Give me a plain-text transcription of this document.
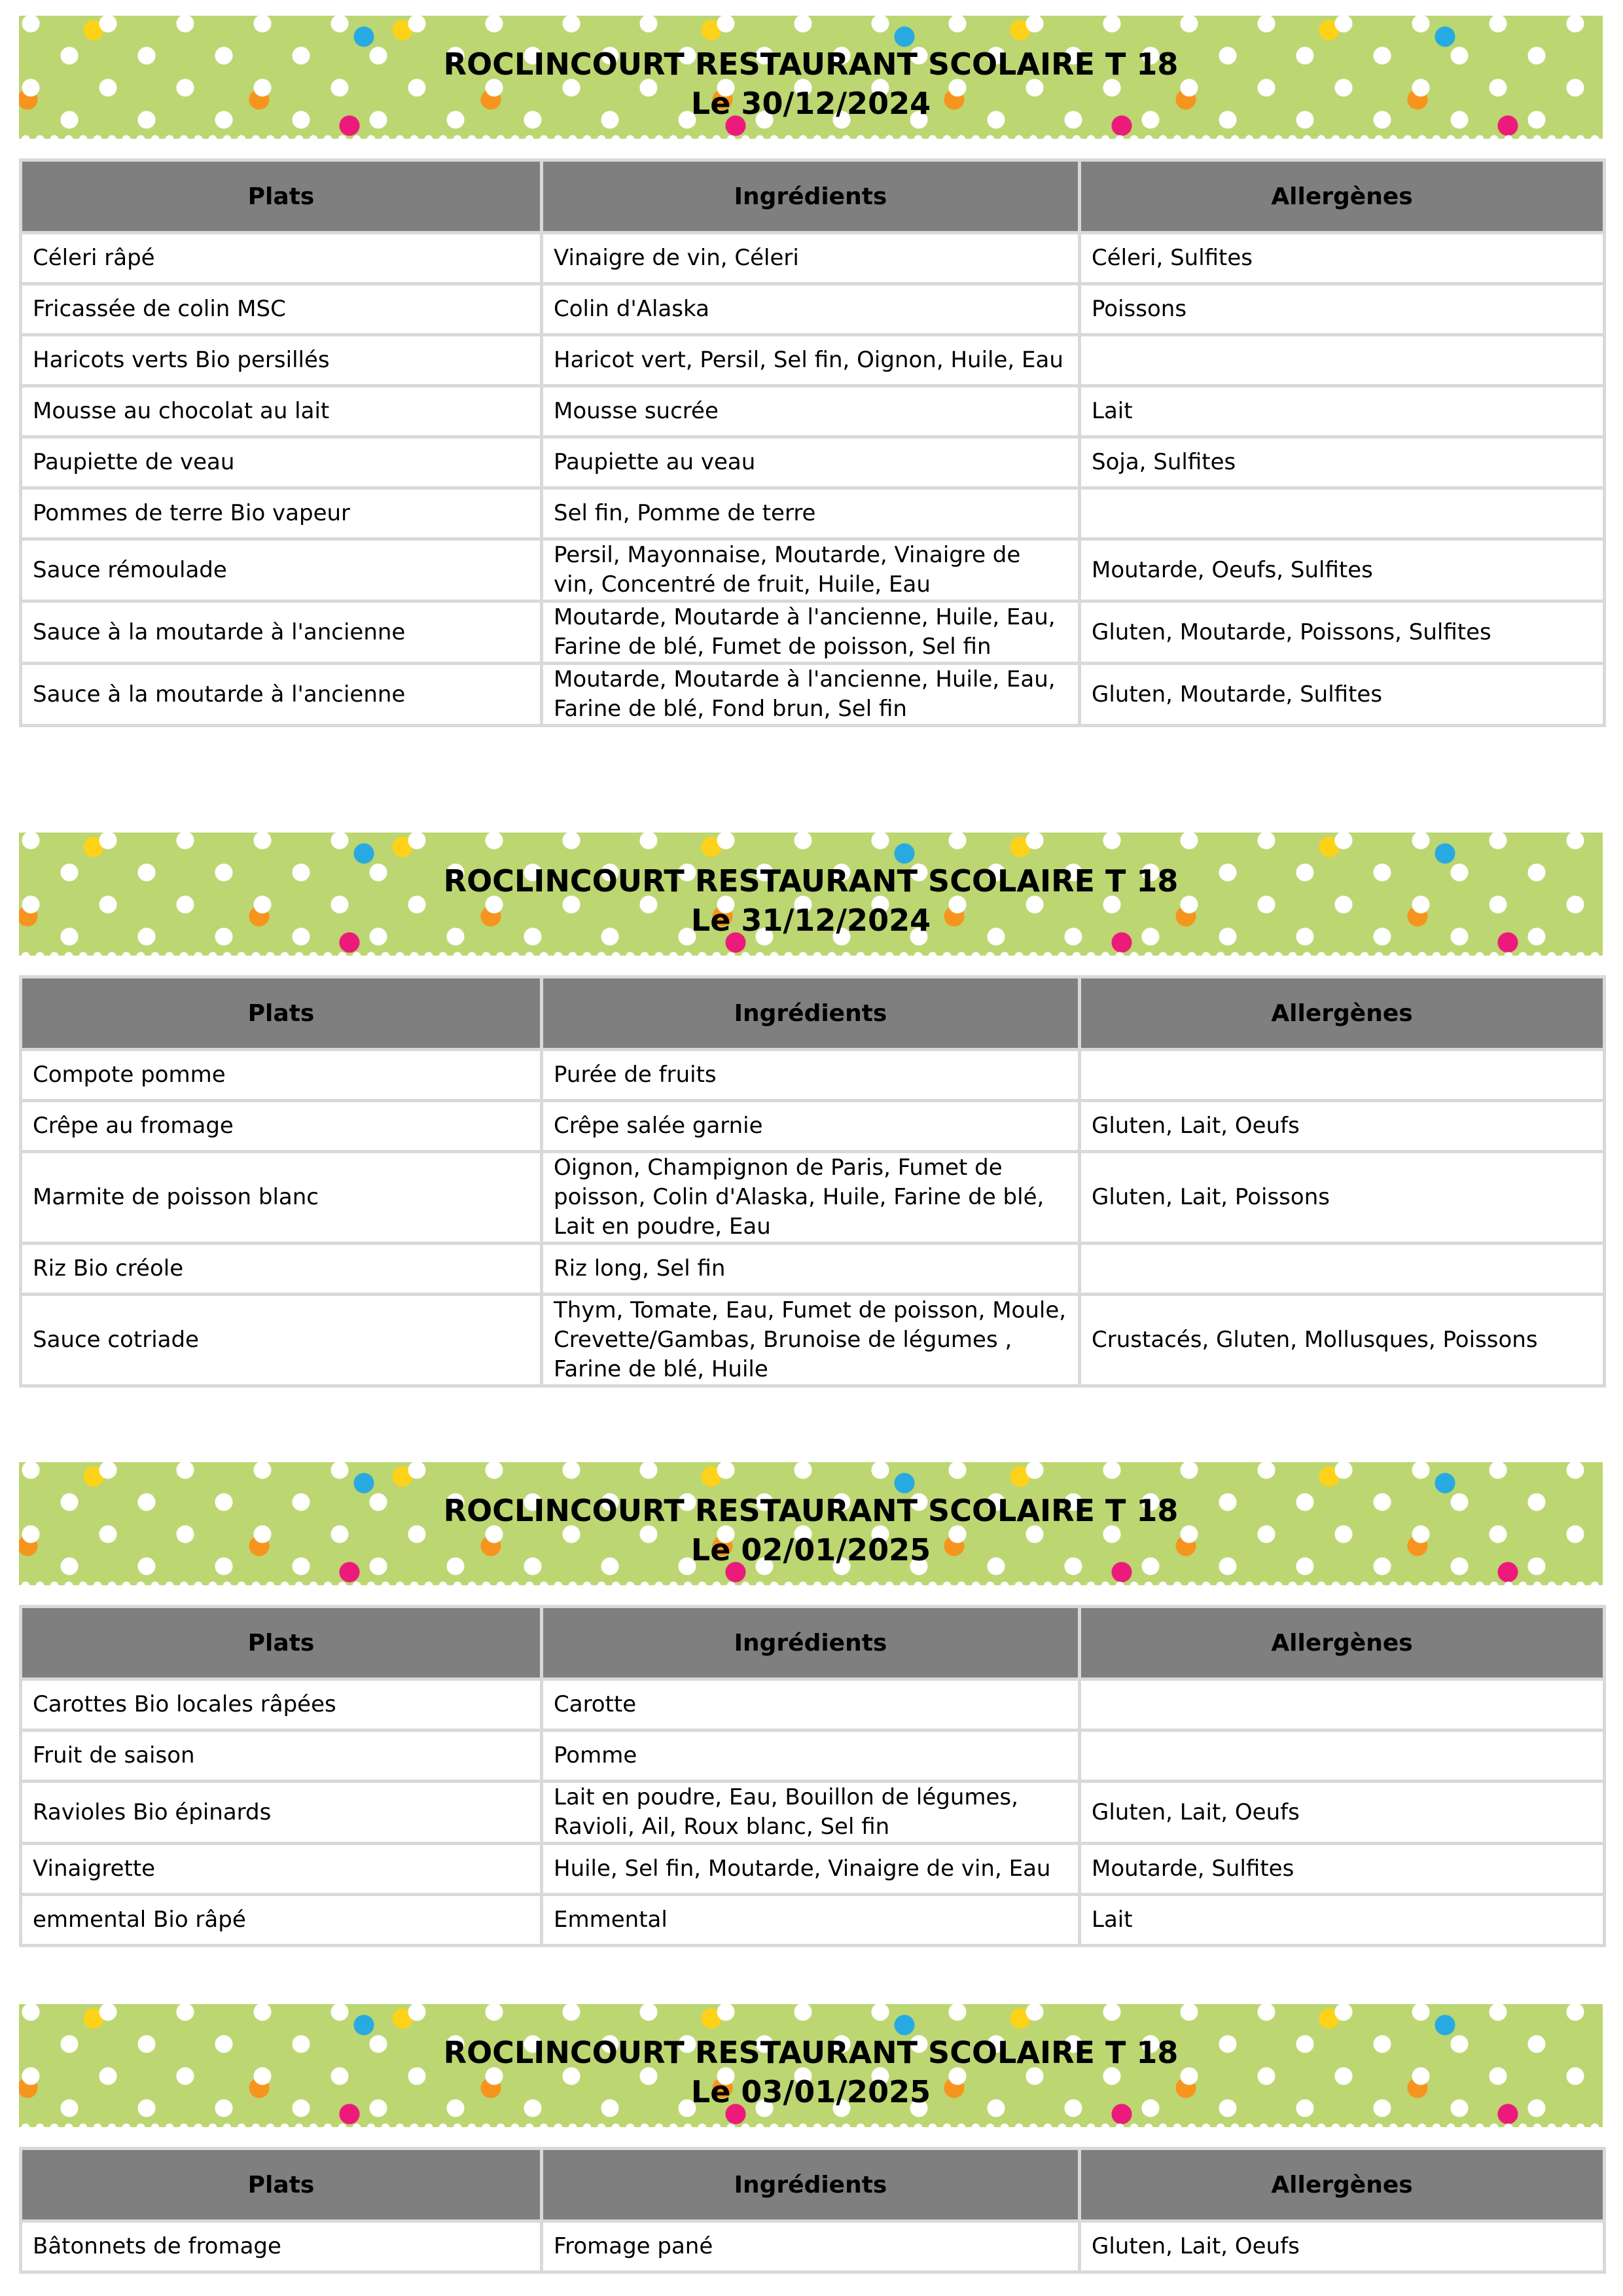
ROCLINCOURT RESTAURANT SCOLAIRE T 18
Le 30/12/2024
Plats	Ingrédients	Allergènes
Céleri râpé	Vinaigre de vin, Céleri	Céleri, Sulfites
Fricassée de colin MSC	Colin d'Alaska	Poissons
Haricots verts Bio persillés	Haricot vert, Persil, Sel fin, Oignon, Huile, Eau	
Mousse au chocolat au lait	Mousse sucrée	Lait
Paupiette de veau	Paupiette au veau	Soja, Sulfites
Pommes de terre Bio vapeur	Sel fin, Pomme de terre	
Sauce rémoulade	Persil, Mayonnaise, Moutarde, Vinaigre de vin, Concentré de fruit, Huile, Eau	Moutarde, Oeufs, Sulfites
Sauce à la moutarde à l'ancienne	Moutarde, Moutarde à l'ancienne, Huile, Eau, Farine de blé, Fumet de poisson, Sel fin	Gluten, Moutarde, Poissons, Sulfites
Sauce à la moutarde à l'ancienne	Moutarde, Moutarde à l'ancienne, Huile, Eau, Farine de blé, Fond brun, Sel fin	Gluten, Moutarde, Sulfites
ROCLINCOURT RESTAURANT SCOLAIRE T 18
Le 31/12/2024
Plats	Ingrédients	Allergènes
Compote pomme	Purée de fruits	
Crêpe au fromage	Crêpe salée garnie	Gluten, Lait, Oeufs
Marmite de poisson blanc	Oignon, Champignon de Paris, Fumet de poisson, Colin d'Alaska, Huile, Farine de blé, Lait en poudre, Eau	Gluten, Lait, Poissons
Riz Bio créole	Riz long, Sel fin	
Sauce cotriade	Thym, Tomate, Eau, Fumet de poisson, Moule, Crevette/Gambas, Brunoise de légumes , Farine de blé, Huile	Crustacés, Gluten, Mollusques, Poissons
ROCLINCOURT RESTAURANT SCOLAIRE T 18
Le 02/01/2025
Plats	Ingrédients	Allergènes
Carottes Bio locales râpées	Carotte	
Fruit de saison	Pomme	
Ravioles Bio épinards	Lait en poudre, Eau, Bouillon de légumes, Ravioli, Ail, Roux blanc, Sel fin	Gluten, Lait, Oeufs
Vinaigrette	Huile, Sel fin, Moutarde, Vinaigre de vin, Eau	Moutarde, Sulfites
emmental Bio râpé	Emmental	Lait
ROCLINCOURT RESTAURANT SCOLAIRE T 18
Le 03/01/2025
Plats	Ingrédients	Allergènes
Bâtonnets de fromage	Fromage pané	Gluten, Lait, Oeufs
